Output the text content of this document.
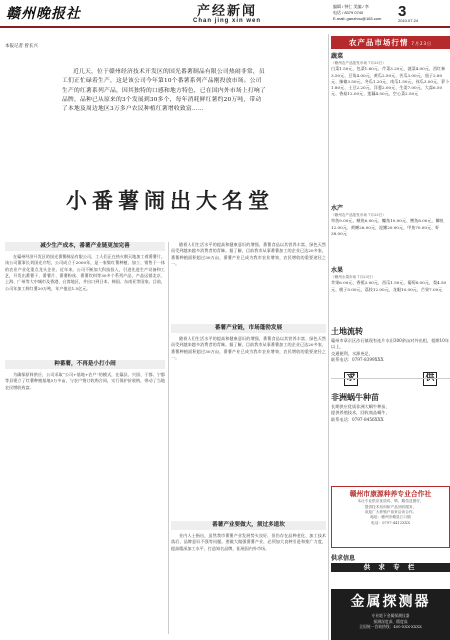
赣州晚报社	产经新闻
Chan jing xin wen
编辑 / 钟仁 美编 / 李
电话 / 8379 0740
E-mail: ganzhou@163.com	3
2010.07.24
本报记者 曾长兴
近几天，位于赣州经济技术开发区的国光番薯制品有限公司热闹非常，员工们正忙碌着生产，这是该公司今年第10个番薯系列产品刚投放市场。公司生产的红薯系列产品，因其独特的口感和地方特色，已在国内外市场上打响了品牌，品种已从原来的3个发展到30多个，每年消耗鲜红薯约20万吨，带动了本地及周边地区3万多户农民种植红薯增收致富……
小番薯闹出大名堂
减少生产成本，番薯产业链更加完善
在赣州经济开发区的国光番薯制品有限公司，工人们正在热火朝天地加工着番薯片。该公司董事长刘国光介绍，公司成立于2000年，是一家集红薯种植、加工、销售于一体的农业产业化重点龙头企业。近年来，公司不断加大科技投入，引进先进生产设备和工艺，开发出番薯干、番薯片、番薯粉丝、番薯饮料等30多个系列产品，产品远销北京、上海、广州等大中城市及香港、台湾地区，并出口到日本、韩国、东南亚等国家。目前，公司年加工鲜红薯20万吨，年产值达1.5亿元。
种番薯，不再是小打小闹
为确保原料供应，公司采取“公司+基地+农户”的模式，在赣县、兴国、于都、宁都等县建立了红薯种植基地5万多亩，与农户签订收购合同，实行保护价收购，带动了当地农民增收致富。
随着人们生活水平的提高和健康意识的增强，番薯食品以其营养丰富、绿色天然而受到越来越多消费者的青睐。据了解，目前我市从事番薯加工的企业已达20多家，番薯种植面积超过30万亩，番薯产业已成为我市农业增效、农民增收的重要途径之一。
番薯产业链，市场蓬勃发展
随着人们生活水平的提高和健康意识的增强，番薯食品以其营养丰富、绿色天然而受到越来越多消费者的青睐。据了解，目前我市从事番薯加工的企业已达20多家，番薯种植面积超过30万亩，番薯产业已成为我市农业增效、农民增收的重要途径之一。
番薯产业要做大，须过多道坎
业内人士指出，虽然我市番薯产业发展势头良好，但仍存在品种老化、加工技术落后、品牌意识不强等问题。要做大做强番薯产业，必须加大良种引进和推广力度，提高精深加工水平，打造知名品牌，拓展国内外市场。
农产品市场行情 7月23日
蔬菜
（赣州农产品批发市场 7月23日）
白菜1.50元、包菜1.60元、芹菜3.20元、菠菜4.00元、西红柿3.50元、豆角4.00元、黄瓜2.50元、苦瓜3.00元、茄子2.80元、辣椒3.50元、冬瓜1.20元、南瓜1.50元、丝瓜3.00元、萝卜1.80元、土豆2.20元、洋葱2.00元、生姜7.00元、大蒜6.50元、香菇12.00元、莲藕4.50元、空心菜2.50元
水产
（赣州农产品批发市场 7月23日）
草鱼9.00元、鲢鱼6.00元、鳙鱼10.00元、鲤鱼8.00元、鲫鱼12.00元、黄鳝26.00元、泥鳅20.00元、甲鱼70.00元、虾38.00元
水果
（赣州水果市场 7月23日）
苹果6.00元、香蕉3.00元、西瓜1.50元、葡萄8.00元、梨4.50元、桃子5.00元、荔枝12.00元、龙眼10.00元、芒果7.00元
土地流转
赣州市章贡区沙石镇现有连片水田300余亩对外出租，租期10年以上，
交通便利，水源充足，
联系电话：0797-8399XXX
非洲蜗牛种苗
长期供应优质非洲大蜗牛种苗，
提供养殖技术，回收商品蜗牛，
联系电话：0797-8456XXX
赣州市康源种养专业合作社
本社专业供应优质鸡、鸭、鹅苗及猪仔，
提供技术培训和产品回收服务，
欢迎广大养殖户前来洽谈合作。
地址：赣州市赣县江口镇
电话：0797-4412XXX
供求信息
供 求 专 栏
金属探测器
专业地下金属探测仪器
探测深度深、精度高
全国统一咨询热线：400-XXX-XXXX
